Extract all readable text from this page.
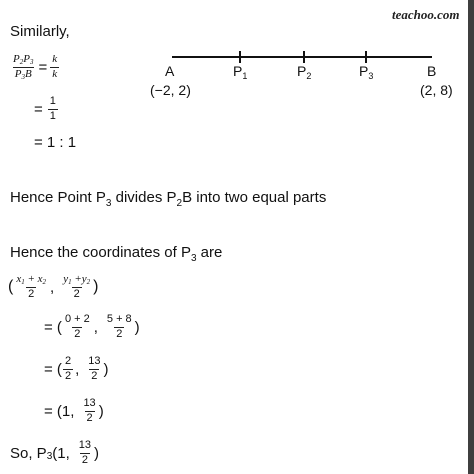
teachoo.com
Similarly,
$\frac{P2P3}{P3B} = \frac{k}{k}$
= $\frac{1}{1}$
= 1 : 1
A
(−2, 2)
$P_1$	$P_2$	$P_3$	B
(2, 8)
Hence Point $P_3$ divides $P_2B$ into two equal parts
Hence the coordinates of $P_3$ are
( $\frac{x1 + x2}{2}$ , $\frac{y1 +y2}{2}$ )
= ( $\frac{0 + 2}{2}$ , $\frac{5 + 8}{2}$ )
= ( $\frac{2}{2}$ , $\frac{13}{2}$ )
= (1, $\frac{13}{2}$ )
So, P 3 (1, $\frac{13}{2}$ )
